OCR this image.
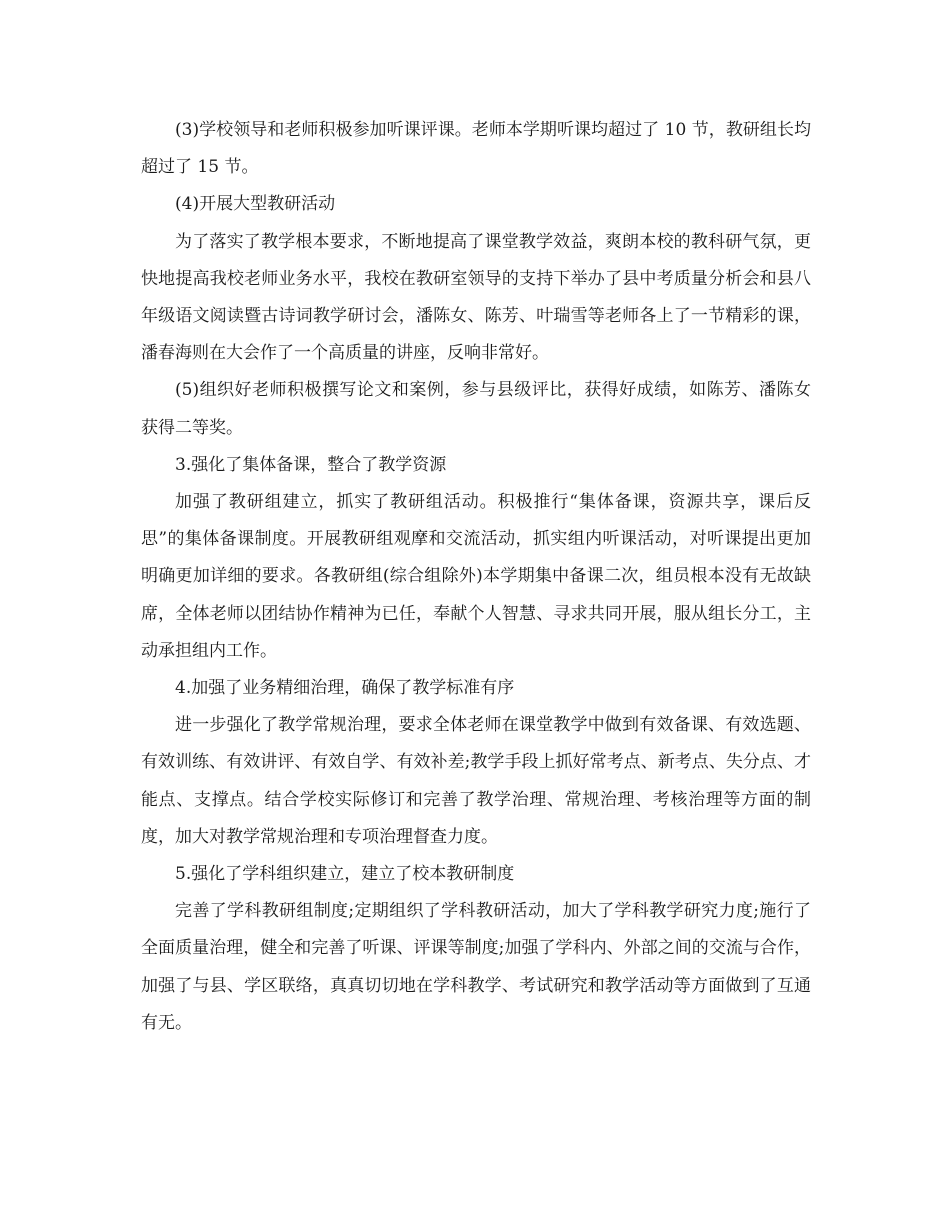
(3)学校领导和老师积极参加听课评课。老师本学期听课均超过了 10 节，教研组长均超过了 15 节。

(4)开展大型教研活动

为了落实了教学根本要求，不断地提高了课堂教学效益，爽朗本校的教科研气氛，更快地提高我校老师业务水平，我校在教研室领导的支持下举办了县中考质量分析会和县八年级语文阅读暨古诗词教学研讨会，潘陈女、陈芳、叶瑞雪等老师各上了一节精彩的课，潘春海则在大会作了一个高质量的讲座，反响非常好。

(5)组织好老师积极撰写论文和案例，参与县级评比，获得好成绩，如陈芳、潘陈女获得二等奖。

3.强化了集体备课，整合了教学资源

加强了教研组建立，抓实了教研组活动。积极推行“集体备课，资源共享，课后反思”的集体备课制度。开展教研组观摩和交流活动，抓实组内听课活动，对听课提出更加明确更加详细的要求。各教研组(综合组除外)本学期集中备课二次，组员根本没有无故缺席，全体老师以团结协作精神为已任，奉献个人智慧、寻求共同开展，服从组长分工，主动承担组内工作。

4.加强了业务精细治理，确保了教学标准有序

进一步强化了教学常规治理，要求全体老师在课堂教学中做到有效备课、有效选题、有效训练、有效讲评、有效自学、有效补差;教学手段上抓好常考点、新考点、失分点、才能点、支撑点。结合学校实际修订和完善了教学治理、常规治理、考核治理等方面的制度，加大对教学常规治理和专项治理督查力度。

5.强化了学科组织建立，建立了校本教研制度

完善了学科教研组制度;定期组织了学科教研活动，加大了学科教学研究力度;施行了全面质量治理，健全和完善了听课、评课等制度;加强了学科内、外部之间的交流与合作，加强了与县、学区联络，真真切切地在学科教学、考试研究和教学活动等方面做到了互通有无。
